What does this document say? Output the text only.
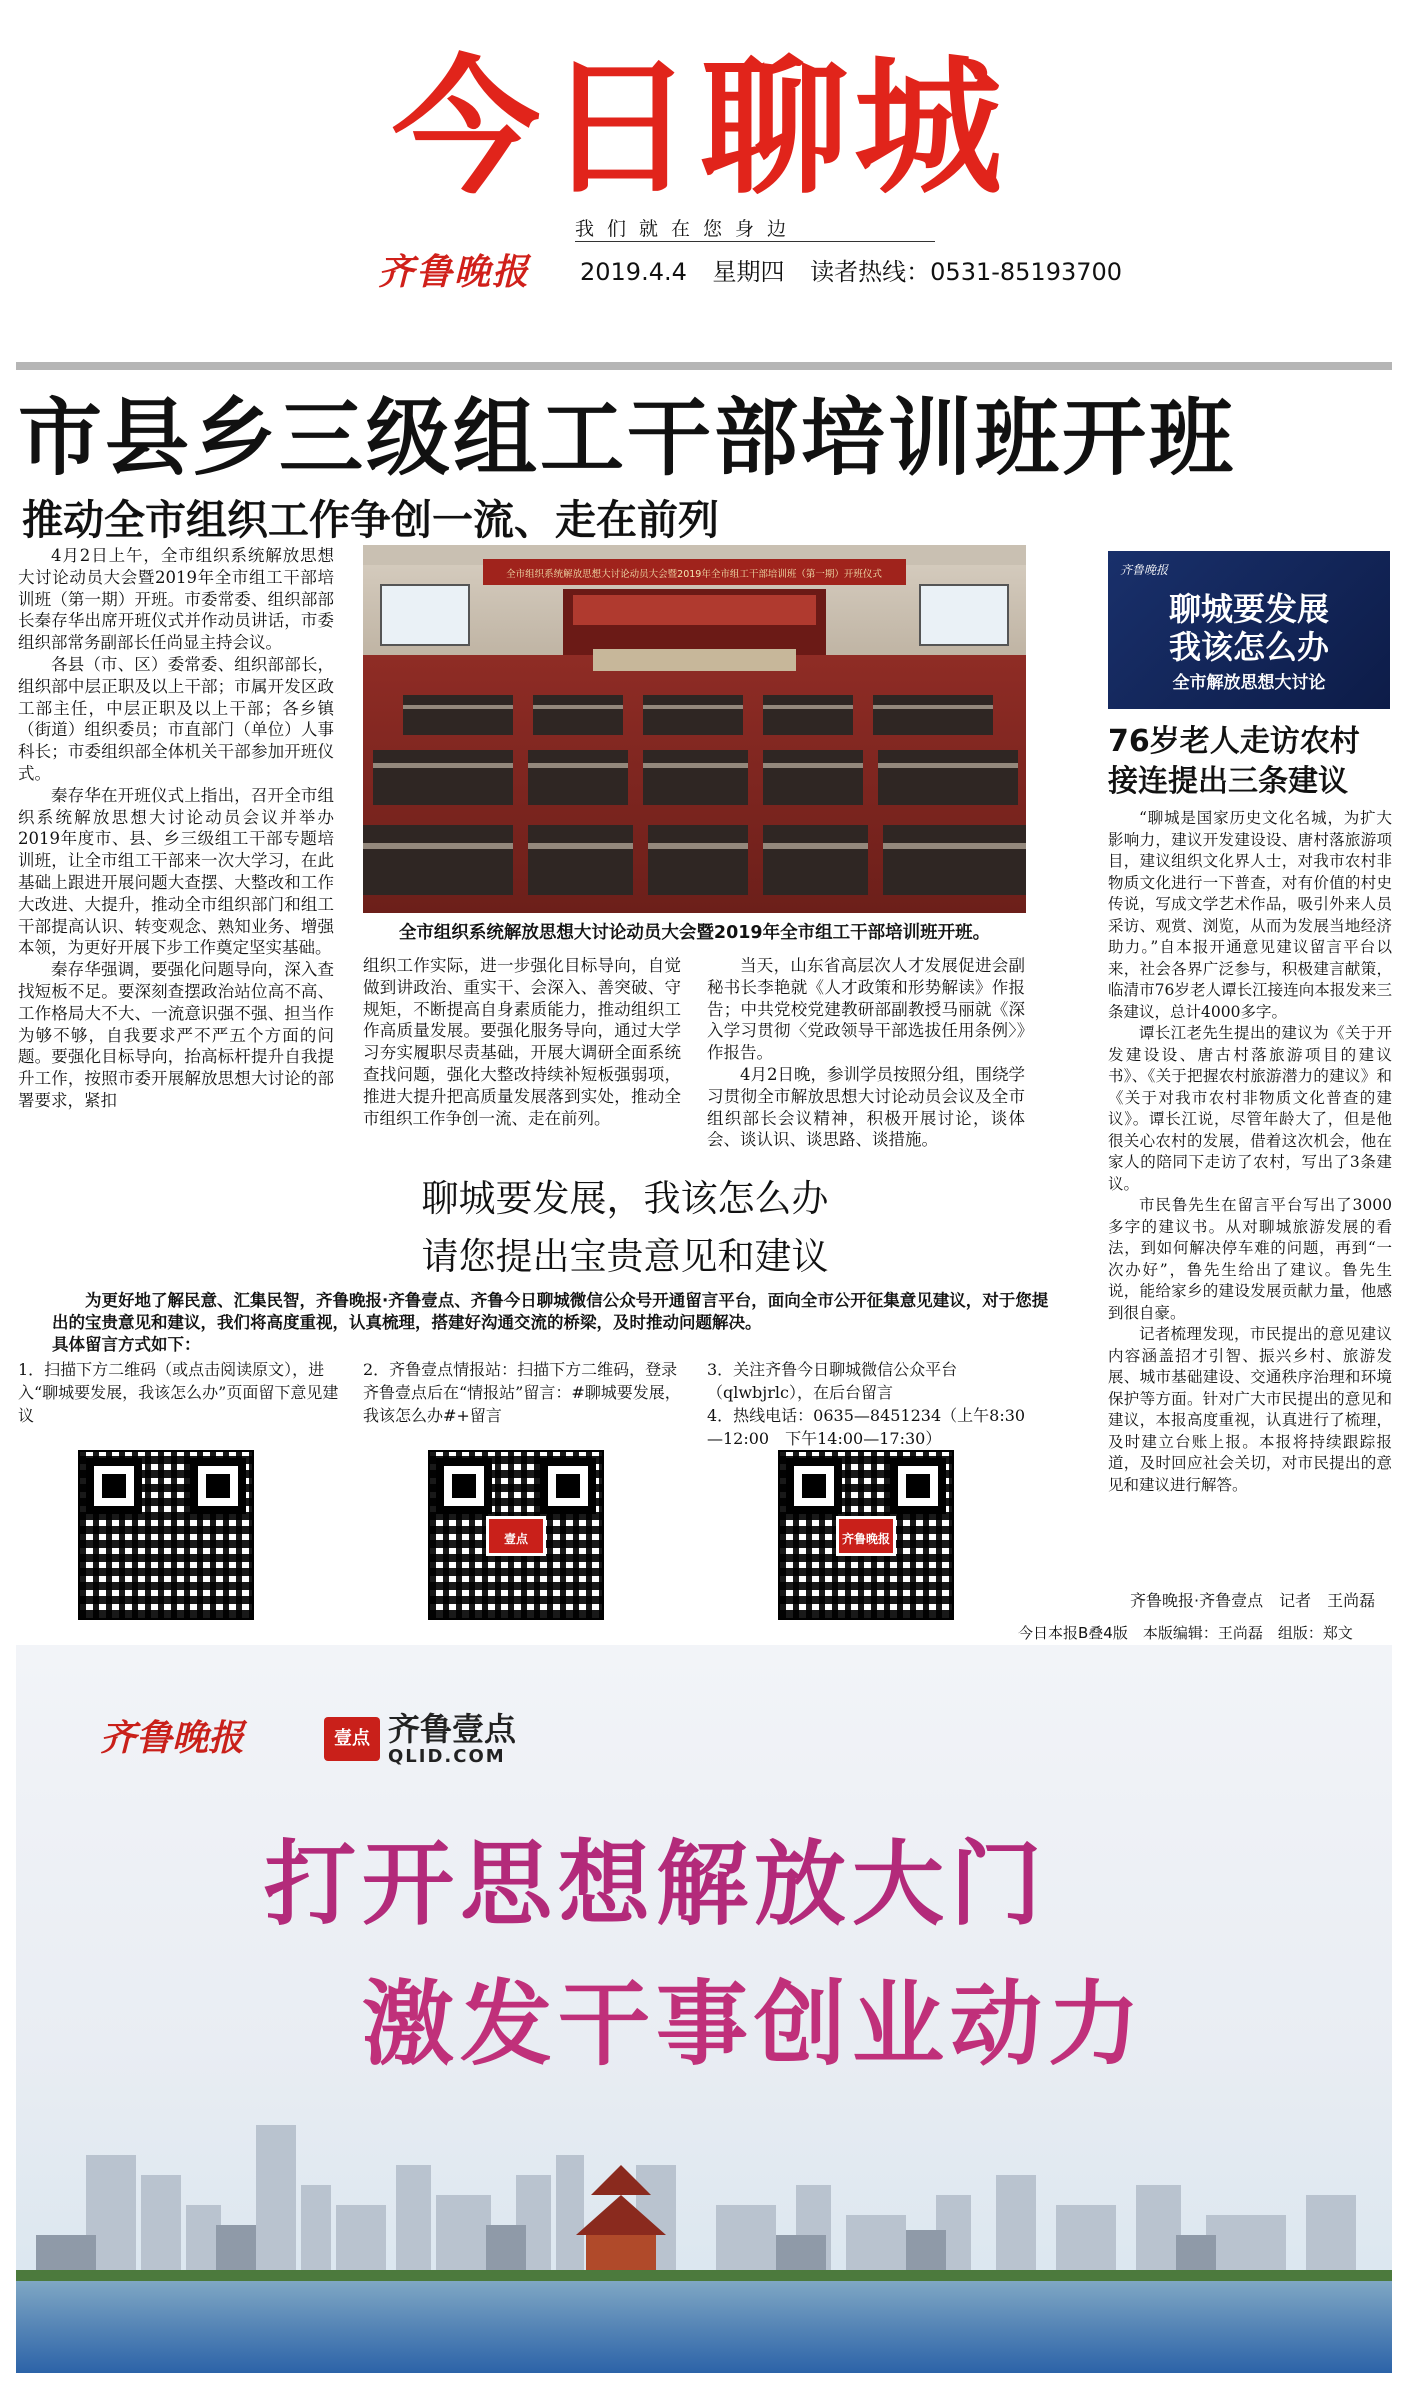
今日聊城
我们就在您身边
齐鲁晚报 2019.4.4 星期四 读者热线：0531-85193700
市县乡三级组工干部培训班开班
推动全市组织工作争创一流、走在前列

4月2日上午，全市组织系统解放思想大讨论动员大会暨2019年全市组工干部培训班（第一期）开班。市委常委、组织部部长秦存华出席开班仪式并作动员讲话，市委组织部常务副部长任尚显主持会议。

各县（市、区）委常委、组织部部长，组织部中层正职及以上干部；市属开发区政工部主任，中层正职及以上干部；各乡镇（街道）组织委员；市直部门（单位）人事科长；市委组织部全体机关干部参加开班仪式。

秦存华在开班仪式上指出，召开全市组织系统解放思想大讨论动员会议并举办2019年度市、县、乡三级组工干部专题培训班，让全市组工干部来一次大学习，在此基础上跟进开展问题大查摆、大整改和工作大改进、大提升，推动全市组织部门和组工干部提高认识、转变观念、熟知业务、增强本领，为更好开展下步工作奠定坚实基础。

秦存华强调，要强化问题导向，深入查找短板不足。要深刻查摆政治站位高不高、工作格局大不大、一流意识强不强、担当作为够不够，自我要求严不严五个方面的问题。要强化目标导向，抬高标杆提升自我提升工作，按照市委开展解放思想大讨论的部署要求，紧扣

全市组织系统解放思想大讨论动员大会暨2019年全市组工干部培训班（第一期）开班仪式
全市组织系统解放思想大讨论动员大会暨2019年全市组工干部培训班开班。

组织工作实际，进一步强化目标导向，自觉做到讲政治、重实干、会深入、善突破、守规矩，不断提高自身素质能力，推动组织工作高质量发展。要强化服务导向，通过大学习夯实履职尽责基础，开展大调研全面系统查找问题，强化大整改持续补短板强弱项，推进大提升把高质量发展落到实处，推动全市组织工作争创一流、走在前列。

当天，山东省高层次人才发展促进会副秘书长李艳就《人才政策和形势解读》作报告；中共党校党建教研部副教授马丽就《深入学习贯彻〈党政领导干部选拔任用条例〉》作报告。

4月2日晚，参训学员按照分组，围绕学习贯彻全市解放思想大讨论动员会议及全市组织部长会议精神，积极开展讨论，谈体会、谈认识、谈思路、谈措施。

齐鲁晚报
聊城要发展
我该怎么办
全市解放思想大讨论
76岁老人走访农村
接连提出三条建议

“聊城是国家历史文化名城，为扩大影响力，建议开发建设设、唐村落旅游项目，建议组织文化界人士，对我市农村非物质文化进行一下普查，对有价值的村史传说，写成文学艺术作品，吸引外来人员采访、观赏、浏览，从而为发展当地经济助力。”自本报开通意见建议留言平台以来，社会各界广泛参与，积极建言献策，临清市76岁老人谭长江接连向本报发来三条建议，总计4000多字。

谭长江老先生提出的建议为《关于开发建设设、唐古村落旅游项目的建议书》、《关于把握农村旅游潜力的建议》和《关于对我市农村非物质文化普查的建议》。谭长江说，尽管年龄大了，但是他很关心农村的发展，借着这次机会，他在家人的陪同下走访了农村，写出了3条建议。

市民鲁先生在留言平台写出了3000多字的建议书。从对聊城旅游发展的看法，到如何解决停车难的问题，再到“一次办好”，鲁先生给出了建议。鲁先生说，能给家乡的建设发展贡献力量，他感到很自豪。

记者梳理发现，市民提出的意见建议内容涵盖招才引智、振兴乡村、旅游发展、城市基础建设、交通秩序治理和环境保护等方面。针对广大市民提出的意见和建议，本报高度重视，认真进行了梳理，及时建立台账上报。本报将持续跟踪报道，及时回应社会关切，对市民提出的意见和建议进行解答。

齐鲁晚报·齐鲁壹点　记者　王尚磊
聊城要发展，我该怎么办
请您提出宝贵意见和建议

为更好地了解民意、汇集民智，齐鲁晚报·齐鲁壹点、齐鲁今日聊城微信公众号开通留言平台，面向全市公开征集意见建议，对于您提出的宝贵意见和建议，我们将高度重视，认真梳理，搭建好沟通交流的桥梁，及时推动问题解决。

具体留言方式如下：
1．扫描下方二维码（或点击阅读原文），进入“聊城要发展，我该怎么办”页面留下意见建议
2．齐鲁壹点情报站：扫描下方二维码，登录齐鲁壹点后在“情报站”留言：#聊城要发展，我该怎么办#+留言
3．关注齐鲁今日聊城微信公众平台（qlwbjrlc），在后台留言
4．热线电话：0635—8451234（上午8:30—12:00　下午14:00—17:30）
壹点	齐鲁晚报
今日本报B叠4版　本版编辑：王尚磊　组版：郑文
齐鲁晚报	壹点 齐鲁壹点
QLID.COM
打开思想解放大门
激发干事创业动力
